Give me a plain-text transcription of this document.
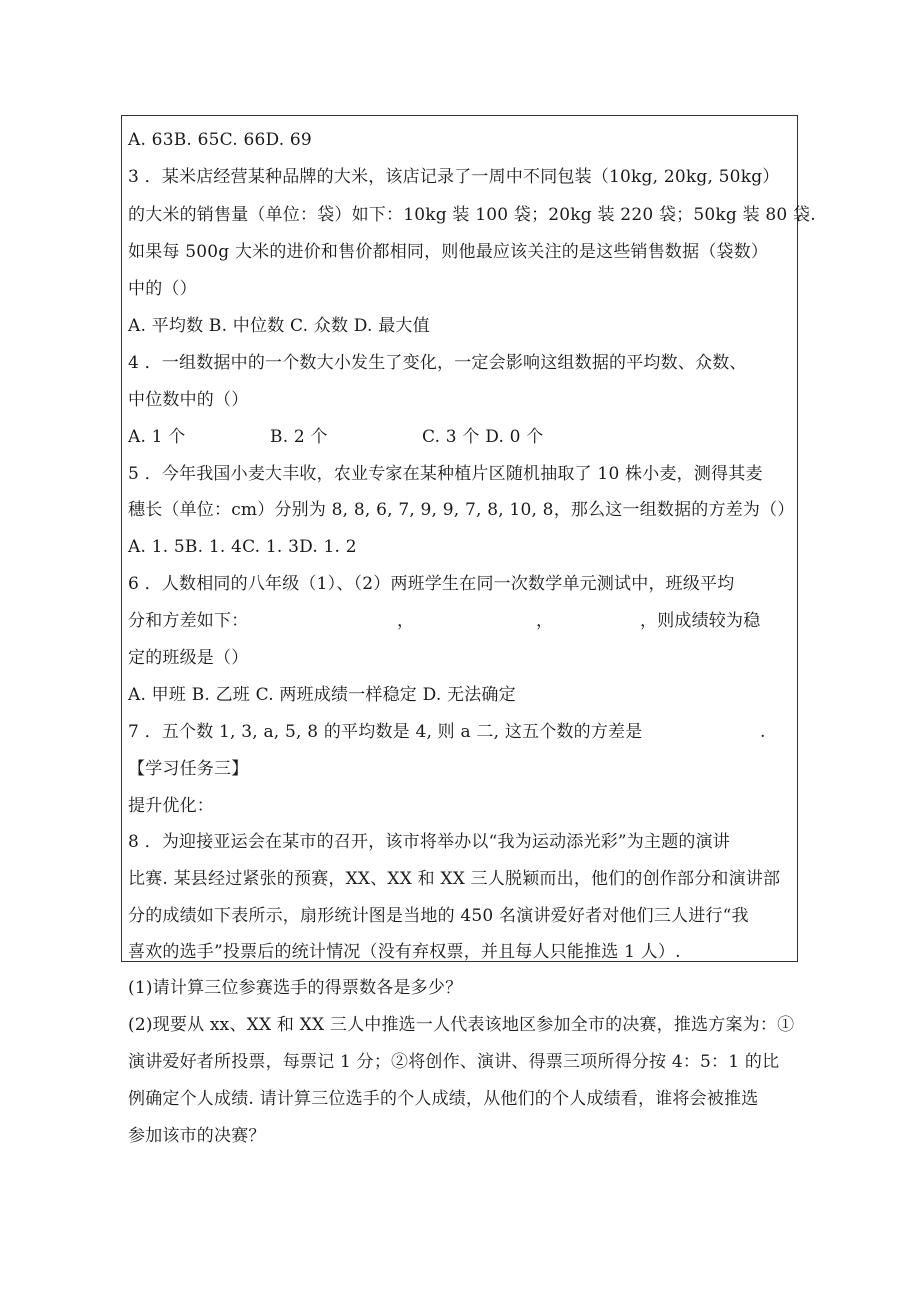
A. 63B. 65C. 66D. 69
3 ．某米店经营某种品牌的大米，该店记录了一周中不同包装（10kg, 20kg, 50kg）
的大米的销售量（单位：袋）如下：10kg 装 100 袋；20kg 装 220 袋；50kg 装 80 袋.
如果每 500g 大米的进价和售价都相同，则他最应该关注的是这些销售数据（袋数）
中的（）
A. 平均数 B. 中位数 C. 众数 D. 最大值
4 ．一组数据中的一个数大小发生了变化，一定会影响这组数据的平均数、众数、
中位数中的（）
A. 1 个	B. 2 个	C. 3 个 D. 0 个
5 ．今年我国小麦大丰收，农业专家在某种植片区随机抽取了 10 株小麦，测得其麦
穗长（单位：cm）分别为 8, 8, 6, 7, 9, 9, 7, 8, 10, 8，那么这一组数据的方差为（）
A. 1. 5B. 1. 4C. 1. 3D. 1. 2
6 ．人数相同的八年级（1）、（2）两班学生在同一次数学单元测试中，班级平均
分和方差如下：	，	，	，则成绩较为稳
定的班级是（）
A. 甲班 B. 乙班 C. 两班成绩一样稳定 D. 无法确定
7 ．五个数 1, 3, a, 5, 8 的平均数是 4, 则 a 二, 这五个数的方差是	.
【学习任务三】
提升优化：
8 ．为迎接亚运会在某市的召开，该市将举办以“我为运动添光彩”为主题的演讲
比赛. 某县经过紧张的预赛，XX、XX 和 XX 三人脱颖而出，他们的创作部分和演讲部
分的成绩如下表所示，扇形统计图是当地的 450 名演讲爱好者对他们三人进行“我
喜欢的选手”投票后的统计情况（没有弃权票，并且每人只能推选 1 人）.
(1)请计算三位参赛选手的得票数各是多少？
(2)现要从 xx、XX 和 XX 三人中推选一人代表该地区参加全市的决赛，推选方案为：①
演讲爱好者所投票，每票记 1 分；②将创作、演讲、得票三项所得分按 4：5：1 的比
例确定个人成绩. 请计算三位选手的个人成绩，从他们的个人成绩看，谁将会被推选
参加该市的决赛？
